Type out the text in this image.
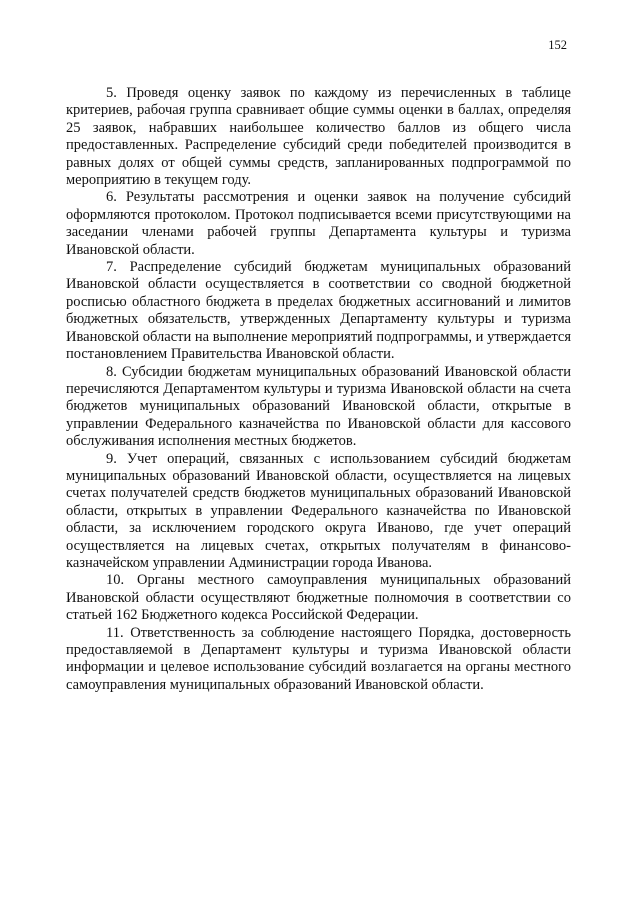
152

5. Проведя оценку заявок по каждому из перечисленных в таблице критериев, рабочая группа сравнивает общие суммы оценки в баллах, определяя 25 заявок, набравших наибольшее количество баллов из общего числа предоставленных. Распределение субсидий среди победителей производится в равных долях от общей суммы средств, запланированных подпрограммой по мероприятию в текущем году.

6. Результаты рассмотрения и оценки заявок на получение субсидий оформляются протоколом. Протокол подписывается всеми присутствующими на заседании членами рабочей группы Департамента культуры и туризма Ивановской области.

7. Распределение субсидий бюджетам муниципальных образований Ивановской области осуществляется в соответствии со сводной бюджетной росписью областного бюджета в пределах бюджетных ассигнований и лимитов бюджетных обязательств, утвержденных Департаменту культуры и туризма Ивановской области на выполнение мероприятий подпрограммы, и утверждается постановлением Правительства Ивановской области.

8. Субсидии бюджетам муниципальных образований Ивановской области перечисляются Департаментом культуры и туризма Ивановской области на счета бюджетов муниципальных образований Ивановской области, открытые в управлении Федерального казначейства по Ивановской области для кассового обслуживания исполнения местных бюджетов.

9. Учет операций, связанных с использованием субсидий бюджетам муниципальных образований Ивановской области, осуществляется на лицевых счетах получателей средств бюджетов муниципальных образований Ивановской области, открытых в управлении Федерального казначейства по Ивановской области, за исключением городского округа Иваново, где учет операций осуществляется на лицевых счетах, открытых получателям в финансово-казначейском управлении Администрации города Иванова.

10. Органы местного самоуправления муниципальных образований Ивановской области осуществляют бюджетные полномочия в соответствии со статьей 162 Бюджетного кодекса Российской Федерации.

11. Ответственность за соблюдение настоящего Порядка, достоверность предоставляемой в Департамент культуры и туризма Ивановской области информации и целевое использование субсидий возлагается на органы местного самоуправления муниципальных образований Ивановской области.
